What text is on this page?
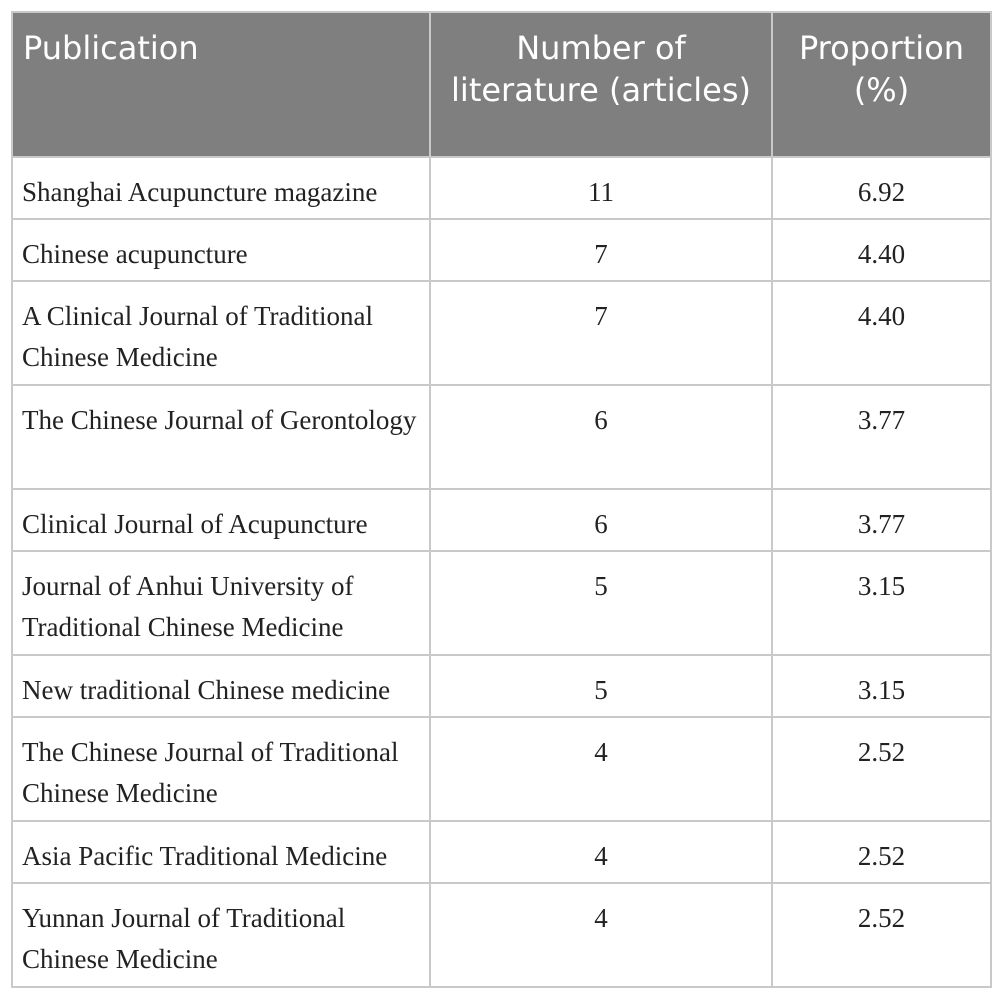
Publication	Number of literature (articles)	Proportion (%)
Shanghai Acupuncture magazine	11	6.92
Chinese acupuncture	7	4.40
A Clinical Journal of Traditional Chinese Medicine	7	4.40
The Chinese Journal of Gerontology	6	3.77
Clinical Journal of Acupuncture	6	3.77
Journal of Anhui University of Traditional Chinese Medicine	5	3.15
New traditional Chinese medicine	5	3.15
The Chinese Journal of Traditional Chinese Medicine	4	2.52
Asia Pacific Traditional Medicine	4	2.52
Yunnan Journal of Traditional Chinese Medicine	4	2.52
